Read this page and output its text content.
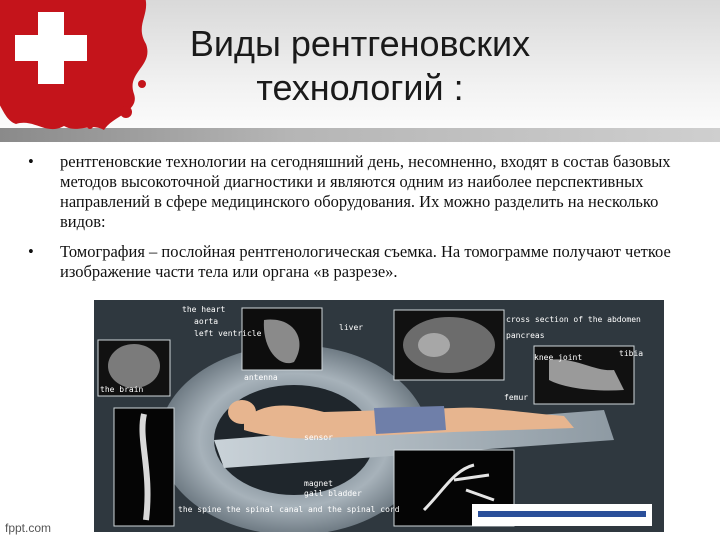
Виды рентгеновских
технологий :
• рентгеновские технологии на сегодняшний день, несомненно, входят в состав базовых методов высокоточной диагностики и являются одним из наиболее перспективных направлений в сфере медицинского оборудования. Их можно разделить на несколько видов:
• Томография – послойная рентгенологическая съемка. На томограмме получают четкое изображение части тела или органа «в разрезе».
the heart
aorta
left ventricle
liver
cross section of the abdomen
pancreas
knee joint	tibia
the brain
antenna
femur
sensor
magnet
gall bladder
the spine the spinal canal and the spinal cord
fppt.com
